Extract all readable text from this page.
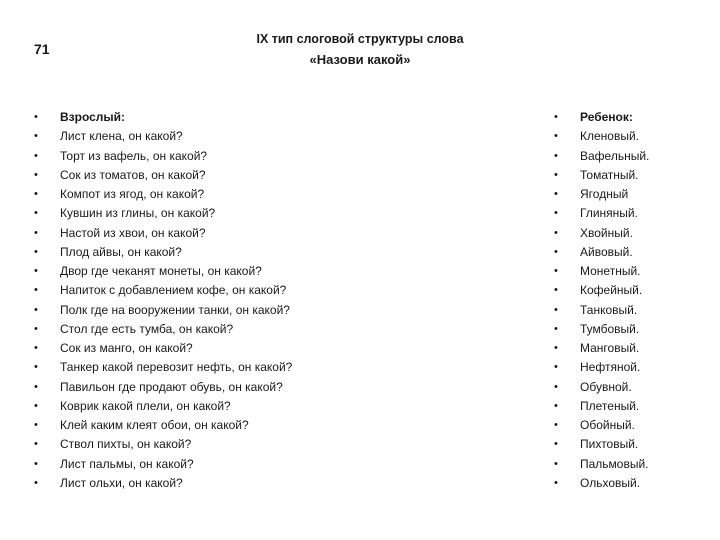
71
IX тип слоговой структуры слова
«Назови какой»
• Взрослый:
• Лист клена, он какой?
• Торт из вафель, он какой?
• Сок из томатов, он какой?
• Компот из ягод, он какой?
• Кувшин из глины, он какой?
• Настой из хвои, он какой?
• Плод айвы, он какой?
• Двор где чеканят монеты, он какой?
• Напиток с добавлением кофе, он какой?
• Полк где на вооружении танки, он какой?
• Стол где есть тумба, он какой?
• Сок из манго, он какой?
• Танкер какой перевозит нефть, он какой?
• Павильон где продают обувь, он какой?
• Коврик какой плели, он какой?
• Клей каким клеят обои, он какой?
• Ствол пихты, он какой?
• Лист пальмы, он какой?
• Лист ольхи, он какой?
• Ребенок:
• Кленовый.
• Вафельный.
• Томатный.
• Ягодный
• Глиняный.
• Хвойный.
• Айвовый.
• Монетный.
• Кофейный.
• Танковый.
• Тумбовый.
• Манговый.
• Нефтяной.
• Обувной.
• Плетеный.
• Обойный.
• Пихтовый.
• Пальмовый.
• Ольховый.
